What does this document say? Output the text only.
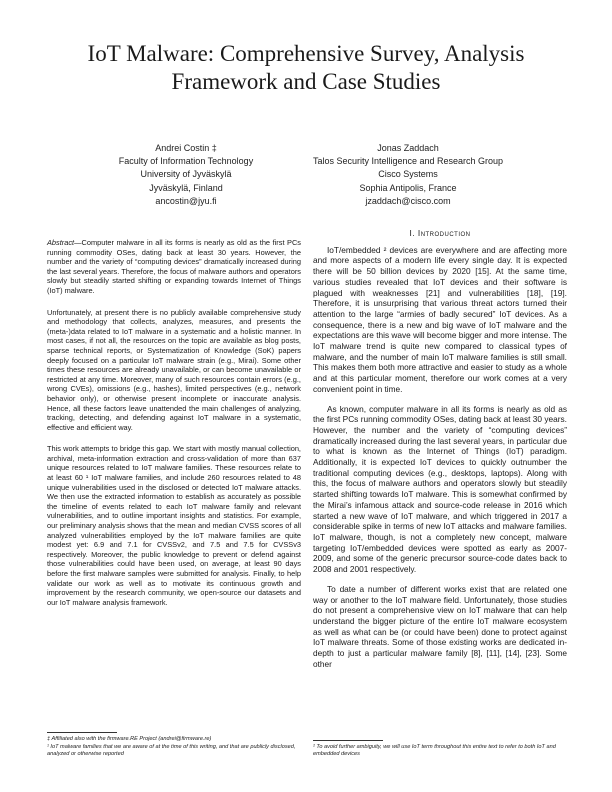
IoT Malware: Comprehensive Survey, Analysis Framework and Case Studies
Andrei Costin ‡
Faculty of Information Technology
University of Jyväskylä
Jyväskylä, Finland
ancostin@jyu.fi
Jonas Zaddach
Talos Security Intelligence and Research Group
Cisco Systems
Sophia Antipolis, France
jzaddach@cisco.com

Abstract—Computer malware in all its forms is nearly as old as the first PCs running commodity OSes, dating back at least 30 years. However, the number and the variety of “computing devices” dramatically increased during the last several years. Therefore, the focus of malware authors and operators slowly but steadily started shifting or expanding towards Internet of Things (IoT) malware.

Unfortunately, at present there is no publicly available comprehensive study and methodology that collects, analyzes, measures, and presents the (meta-)data related to IoT malware in a systematic and a holistic manner. In most cases, if not all, the resources on the topic are available as blog posts, sparse technical reports, or Systematization of Knowledge (SoK) papers deeply focused on a particular IoT malware strain (e.g., Mirai). Some other times these resources are already unavailable, or can become unavailable or restricted at any time. Moreover, many of such resources contain errors (e.g., wrong CVEs), omissions (e.g., hashes), limited perspectives (e.g., network behavior only), or otherwise present incomplete or inaccurate analysis. Hence, all these factors leave unattended the main challenges of analyzing, tracking, detecting, and defending against IoT malware in a systematic, effective and efficient way.

This work attempts to bridge this gap. We start with mostly manual collection, archival, meta-information extraction and cross-validation of more than 637 unique resources related to IoT malware families. These resources relate to at least 60 ¹ IoT malware families, and include 260 resources related to 48 unique vulnerabilities used in the disclosed or detected IoT malware attacks. We then use the extracted information to establish as accurately as possible the timeline of events related to each IoT malware family and relevant vulnerabilities, and to outline important insights and statistics. For example, our preliminary analysis shows that the mean and median CVSS scores of all analyzed vulnerabilities employed by the IoT malware families are quite modest yet: 6.9 and 7.1 for CVSSv2, and 7.5 and 7.5 for CVSSv3 respectively. Moreover, the public knowledge to prevent or defend against those vulnerabilities could have been used, on average, at least 90 days before the first malware samples were submitted for analysis. Finally, to help validate our work as well as to motivate its continuous growth and improvement by the research community, we open-source our datasets and our IoT malware analysis framework.

‡ Affiliated also with the firmware.RE Project (andrei@firmware.re)
¹ IoT malware families that we are aware of at the time of this writing, and that are publicly disclosed, analyzed or otherwise reported
I. Introduction

IoT/embedded ² devices are everywhere and are affecting more and more aspects of a modern life every single day. It is expected there will be 50 billion devices by 2020 [15]. At the same time, various studies revealed that IoT devices and their software is plagued with weaknesses [21] and vulnerabilities [18], [19]. Therefore, it is unsurprising that various threat actors turned their attention to the large “armies of badly secured” IoT devices. As a consequence, there is a new and big wave of IoT malware and the expectations are this wave will become bigger and more intense. The IoT malware trend is quite new compared to classical types of malware, and the number of main IoT malware families is still small. This makes them both more attractive and easier to study as a whole and at this particular moment, therefore our work comes at a very convenient point in time.

As known, computer malware in all its forms is nearly as old as the first PCs running commodity OSes, dating back at least 30 years. However, the number and the variety of “computing devices” dramatically increased during the last several years, in particular due to what is known as the Internet of Things (IoT) paradigm. Additionally, it is expected IoT devices to quickly outnumber the traditional computing devices (e.g., desktops, laptops). Along with this, the focus of malware authors and operators slowly but steadily started shifting towards IoT malware. This is somewhat confirmed by the Mirai’s infamous attack and source-code release in 2016 which started a new wave of IoT malware, and which triggered in 2017 a considerable spike in terms of new IoT attacks and malware families. IoT malware, though, is not a completely new concept, malware targeting IoT/embedded devices were spotted as early as 2007-2009, and some of the generic precursor source-code dates back to 2008 and 2001 respectively.

To date a number of different works exist that are related one way or another to the IoT malware field. Unfortunately, those studies do not present a comprehensive view on IoT malware that can help understand the bigger picture of the entire IoT malware ecosystem as well as what can be (or could have been) done to protect against IoT malware threats. Some of those existing works are dedicated in-depth to just a particular malware family [8], [11], [14], [23]. Some other

² To avoid further ambiguity, we will use IoT term throughout this entire text to refer to both IoT and embedded devices
